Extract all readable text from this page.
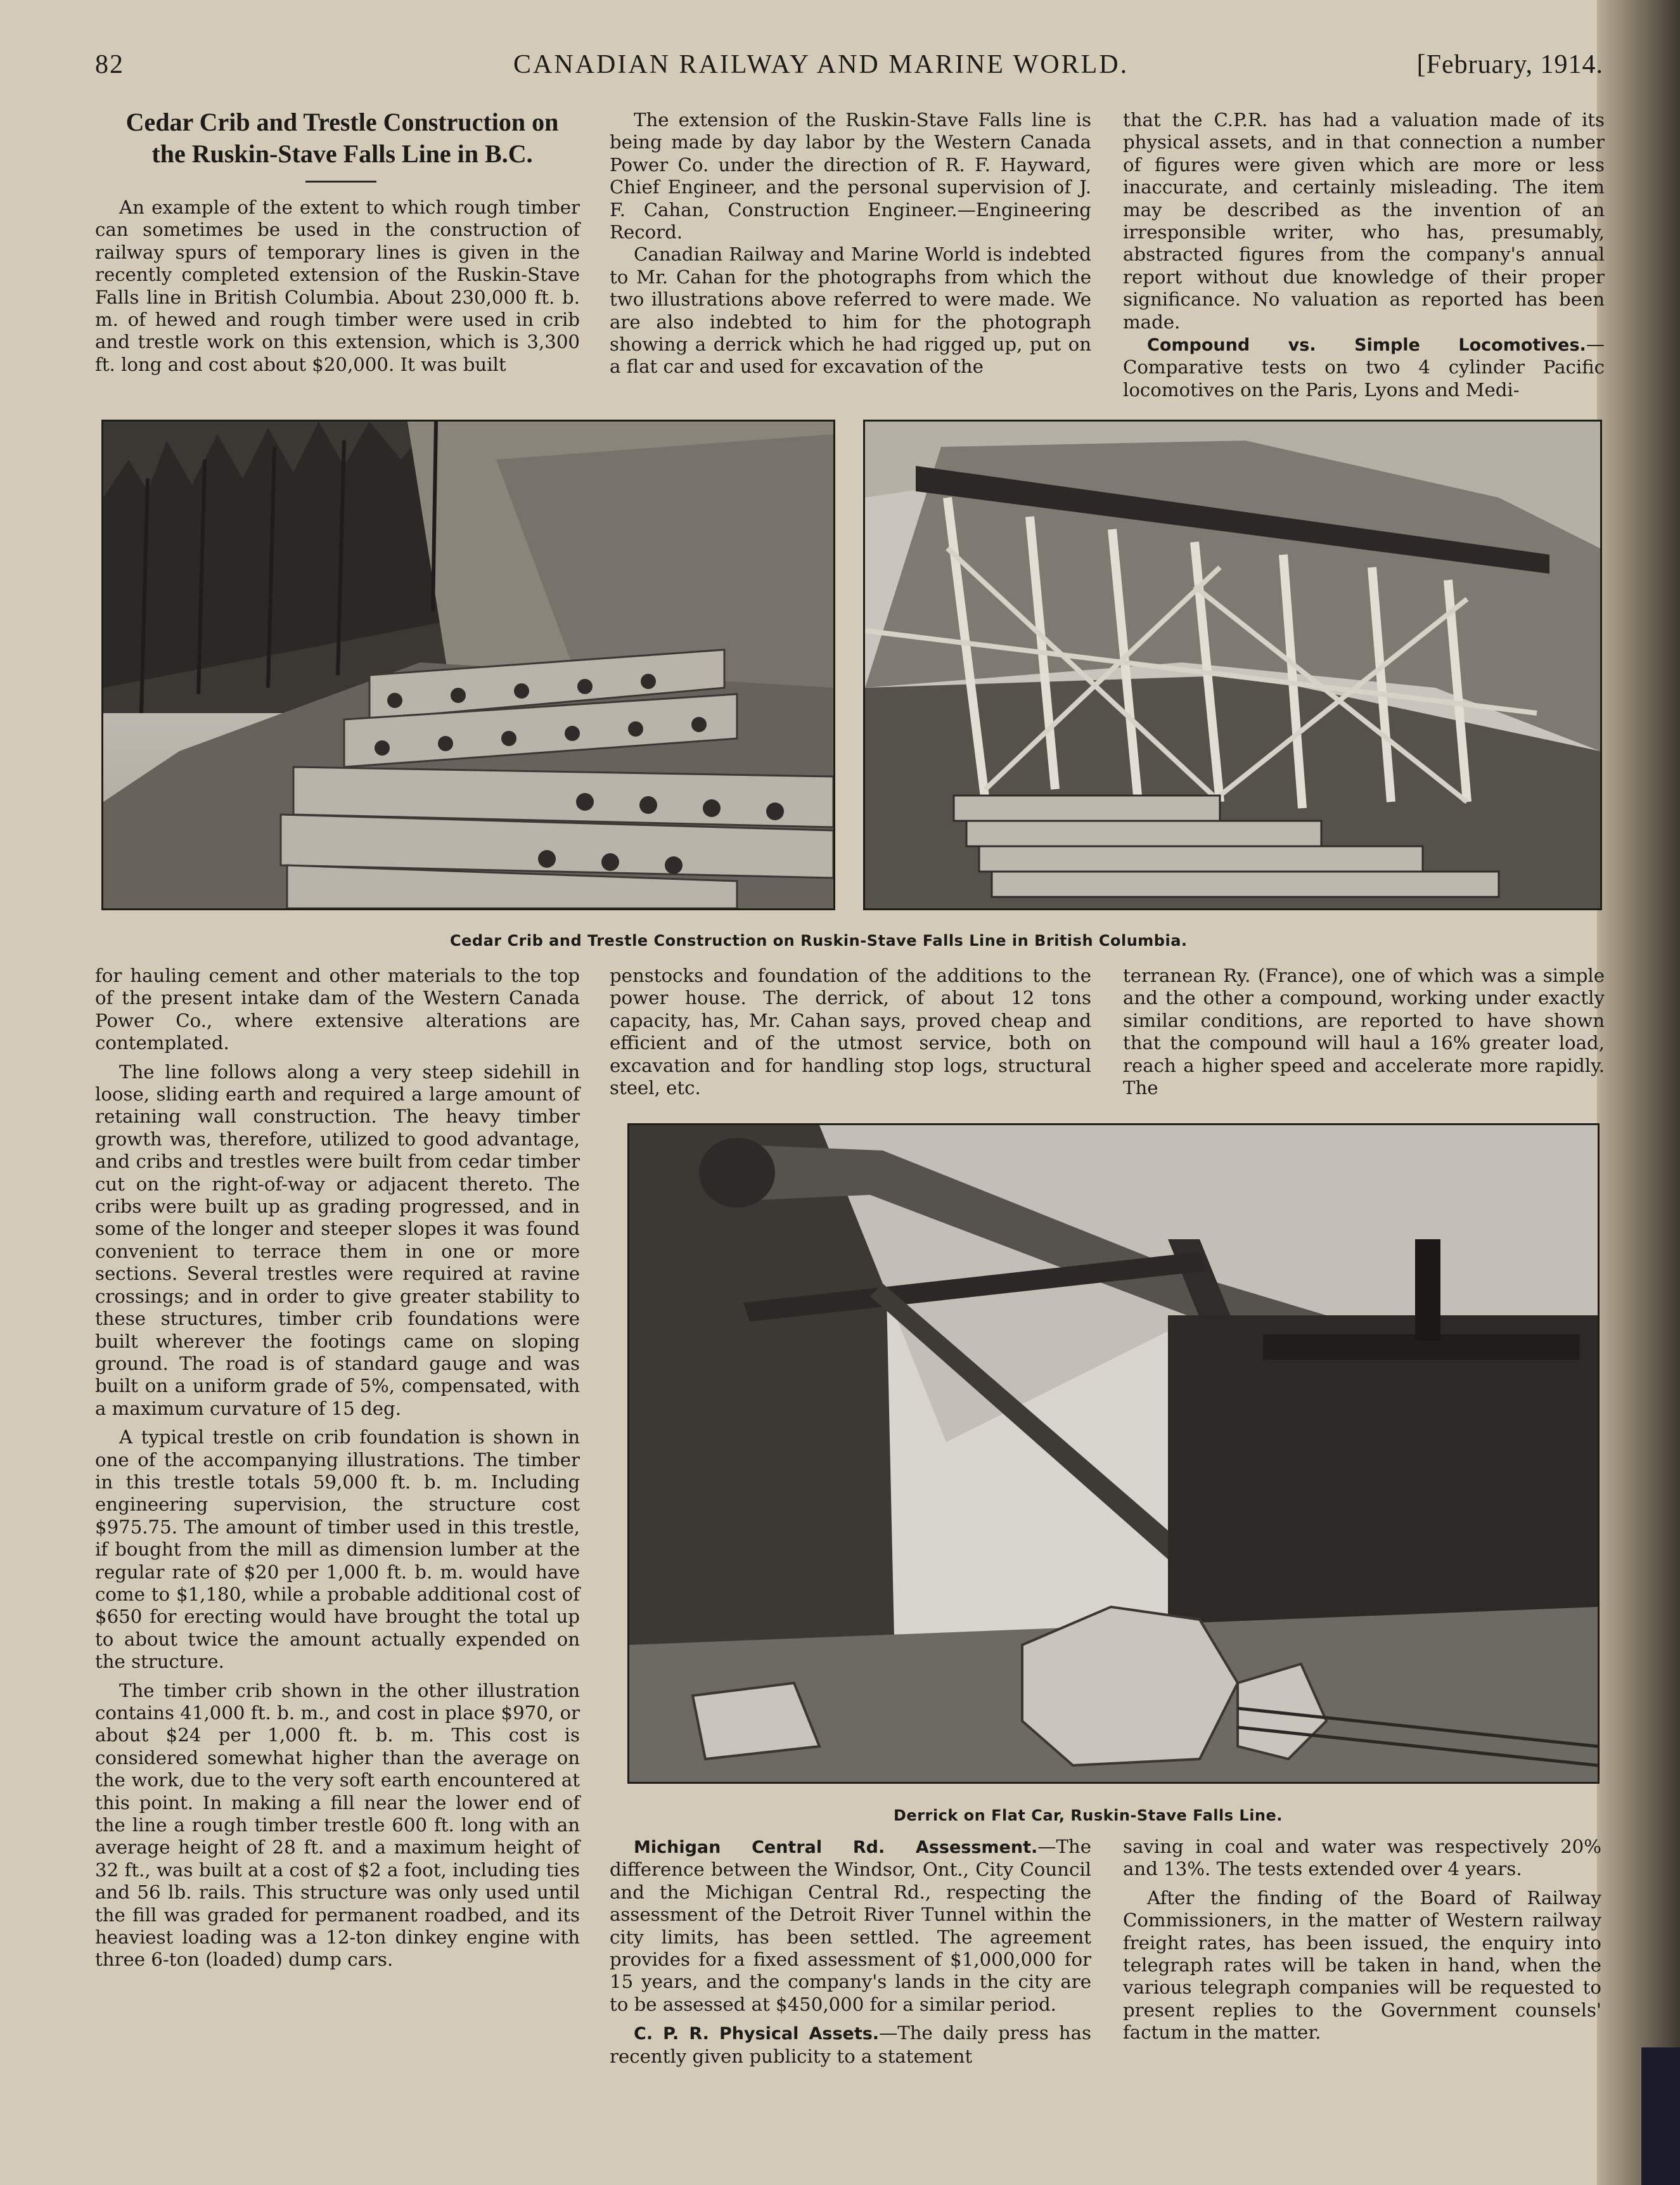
82	CANADIAN RAILWAY AND MARINE WORLD.	[February, 1914.
Cedar Crib and Trestle Construction on
the Ruskin-Stave Falls Line in B.C.

An example of the extent to which rough timber can sometimes be used in the construction of railway spurs of temporary lines is given in the recently completed extension of the Ruskin-Stave Falls line in British Columbia. About 230,000 ft. b. m. of hewed and rough timber were used in crib and trestle work on this extension, which is 3,300 ft. long and cost about $20,000. It was built

The extension of the Ruskin-Stave Falls line is being made by day labor by the Western Canada Power Co. under the direction of R. F. Hayward, Chief Engineer, and the personal supervision of J. F. Cahan, Construction Engineer.—Engineering Record.

Canadian Railway and Marine World is indebted to Mr. Cahan for the photographs from which the two illustrations above referred to were made. We are also indebted to him for the photograph showing a derrick which he had rigged up, put on a flat car and used for excavation of the

that the C.P.R. has had a valuation made of its physical assets, and in that connection a number of figures were given which are more or less inaccurate, and certainly misleading. The item may be described as the invention of an irresponsible writer, who has, presumably, abstracted figures from the company's annual report without due knowledge of their proper significance. No valuation as reported has been made.

Compound vs. Simple Locomotives.—Comparative tests on two 4 cylinder Pacific locomotives on the Paris, Lyons and Medi-

Cedar Crib and Trestle Construction on Ruskin-Stave Falls Line in British Columbia.

for hauling cement and other materials to the top of the present intake dam of the Western Canada Power Co., where extensive alterations are contemplated.

The line follows along a very steep sidehill in loose, sliding earth and required a large amount of retaining wall construction. The heavy timber growth was, therefore, utilized to good advantage, and cribs and trestles were built from cedar timber cut on the right-of-way or adjacent thereto. The cribs were built up as grading progressed, and in some of the longer and steeper slopes it was found convenient to terrace them in one or more sections. Several trestles were required at ravine crossings; and in order to give greater stability to these structures, timber crib foundations were built wherever the footings came on sloping ground. The road is of standard gauge and was built on a uniform grade of 5%, compensated, with a maximum curvature of 15 deg.

A typical trestle on crib foundation is shown in one of the accompanying illustrations. The timber in this trestle totals 59,000 ft. b. m. Including engineering supervision, the structure cost $975.75. The amount of timber used in this trestle, if bought from the mill as dimension lumber at the regular rate of $20 per 1,000 ft. b. m. would have come to $1,180, while a probable additional cost of $650 for erecting would have brought the total up to about twice the amount actually expended on the structure.

The timber crib shown in the other illustration contains 41,000 ft. b. m., and cost in place $970, or about $24 per 1,000 ft. b. m. This cost is considered somewhat higher than the average on the work, due to the very soft earth encountered at this point. In making a fill near the lower end of the line a rough timber trestle 600 ft. long with an average height of 28 ft. and a maximum height of 32 ft., was built at a cost of $2 a foot, including ties and 56 lb. rails. This structure was only used until the fill was graded for permanent roadbed, and its heaviest loading was a 12-ton dinkey engine with three 6-ton (loaded) dump cars.

penstocks and foundation of the additions to the power house. The derrick, of about 12 tons capacity, has, Mr. Cahan says, proved cheap and efficient and of the utmost service, both on excavation and for handling stop logs, structural steel, etc.

terranean Ry. (France), one of which was a simple and the other a compound, working under exactly similar conditions, are reported to have shown that the compound will haul a 16% greater load, reach a higher speed and accelerate more rapidly. The

Derrick on Flat Car, Ruskin-Stave Falls Line.

Michigan Central Rd. Assessment.—The difference between the Windsor, Ont., City Council and the Michigan Central Rd., respecting the assessment of the Detroit River Tunnel within the city limits, has been settled. The agreement provides for a fixed assessment of $1,000,000 for 15 years, and the company's lands in the city are to be assessed at $450,000 for a similar period.

C. P. R. Physical Assets.—The daily press has recently given publicity to a statement

saving in coal and water was respectively 20% and 13%. The tests extended over 4 years.

After the finding of the Board of Railway Commissioners, in the matter of Western railway freight rates, has been issued, the enquiry into telegraph rates will be taken in hand, when the various telegraph companies will be requested to present replies to the Government counsels' factum in the matter.
